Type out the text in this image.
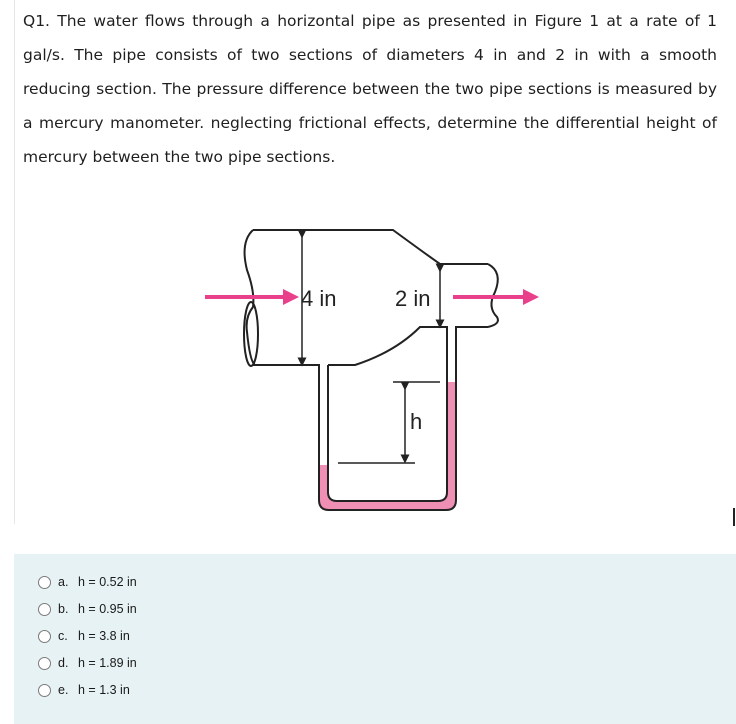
Q1. The water flows through a horizontal pipe as presented in Figure 1 at a rate of 1 gal/s. The pipe consists of two sections of diameters 4 in and 2 in with a smooth reducing section. The pressure difference between the two pipe sections is measured by a mercury manometer. neglecting frictional effects, determine the differential height of mercury between the two pipe sections.

4 in	2 in
h
a. h = 0.52 in
b. h = 0.95 in
c. h = 3.8 in
d. h = 1.89 in
e. h = 1.3 in
